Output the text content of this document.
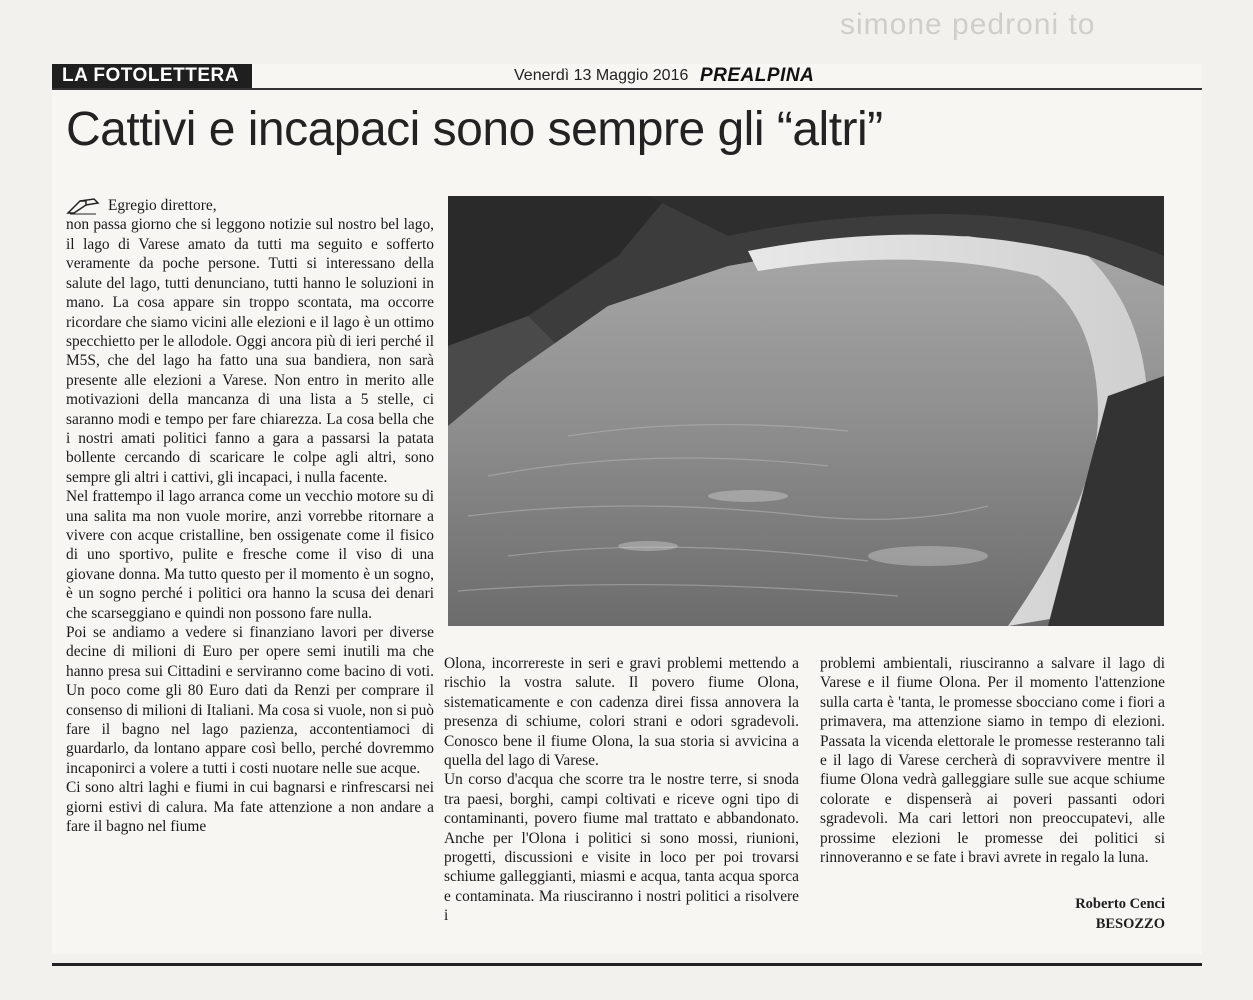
simone pedroni to
LA FOTOLETTERA	Venerdì 13 Maggio 2016 PREALPINA
Cattivi e incapaci sono sempre gli “altri”

Egregio direttore,

non passa giorno che si leggono notizie sul nostro bel lago, il lago di Varese amato da tutti ma seguito e sofferto veramente da poche persone. Tutti si interessano della salute del lago, tutti denunciano, tutti hanno le soluzioni in mano. La cosa appare sin troppo scontata, ma occorre ricordare che siamo vicini alle elezioni e il lago è un ottimo specchietto per le allodole. Oggi ancora più di ieri perché il M5S, che del lago ha fatto una sua bandiera, non sarà presente alle elezioni a Varese. Non entro in merito alle motivazioni della mancanza di una lista a 5 stelle, ci saranno modi e tempo per fare chiarezza. La cosa bella che i nostri amati politici fanno a gara a passarsi la patata bollente cercando di scaricare le colpe agli altri, sono sempre gli altri i cattivi, gli incapaci, i nulla facente.

Nel frattempo il lago arranca come un vecchio motore su di una salita ma non vuole morire, anzi vorrebbe ritornare a vivere con acque cristalline, ben ossigenate come il fisico di uno sportivo, pulite e fresche come il viso di una giovane donna. Ma tutto questo per il momento è un sogno, è un sogno perché i politici ora hanno la scusa dei denari che scarseggiano e quindi non possono fare nulla.

Poi se andiamo a vedere si finanziano lavori per diverse decine di milioni di Euro per opere semi inutili ma che hanno presa sui Cittadini e serviranno come bacino di voti. Un poco come gli 80 Euro dati da Renzi per comprare il consenso di milioni di Italiani. Ma cosa si vuole, non si può fare il bagno nel lago pazienza, accontentiamoci di guardarlo, da lontano appare così bello, perché dovremmo incaponirci a volere a tutti i costi nuotare nelle sue acque.

Ci sono altri laghi e fiumi in cui bagnarsi e rinfrescarsi nei giorni estivi di calura. Ma fate attenzione a non andare a fare il bagno nel fiume

Olona, incorrereste in seri e gravi problemi mettendo a rischio la vostra salute. Il povero fiume Olona, sistematicamente e con cadenza direi fissa annovera la presenza di schiume, colori strani e odori sgradevoli. Conosco bene il fiume Olona, la sua storia si avvicina a quella del lago di Varese.

Un corso d'acqua che scorre tra le nostre terre, si snoda tra paesi, borghi, campi coltivati e riceve ogni tipo di contaminanti, povero fiume mal trattato e abbandonato. Anche per l'Olona i politici si sono mossi, riunioni, progetti, discussioni e visite in loco per poi trovarsi schiume galleggianti, miasmi e acqua, tanta acqua sporca e contaminata. Ma riusciranno i nostri politici a risolvere i

problemi ambientali, riusciranno a salvare il lago di Varese e il fiume Olona. Per il momento l'attenzione sulla carta è 'tanta, le promesse sbocciano come i fiori a primavera, ma attenzione siamo in tempo di elezioni. Passata la vicenda elettorale le promesse resteranno tali e il lago di Varese cercherà di sopravvivere mentre il fiume Olona vedrà galleggiare sulle sue acque schiume colorate e dispenserà ai poveri passanti odori sgradevoli. Ma cari lettori non preoccupatevi, alle prossime elezioni le promesse dei politici si rinnoveranno e se fate i bravi avrete in regalo la luna.

Roberto Cenci
BESOZZO
